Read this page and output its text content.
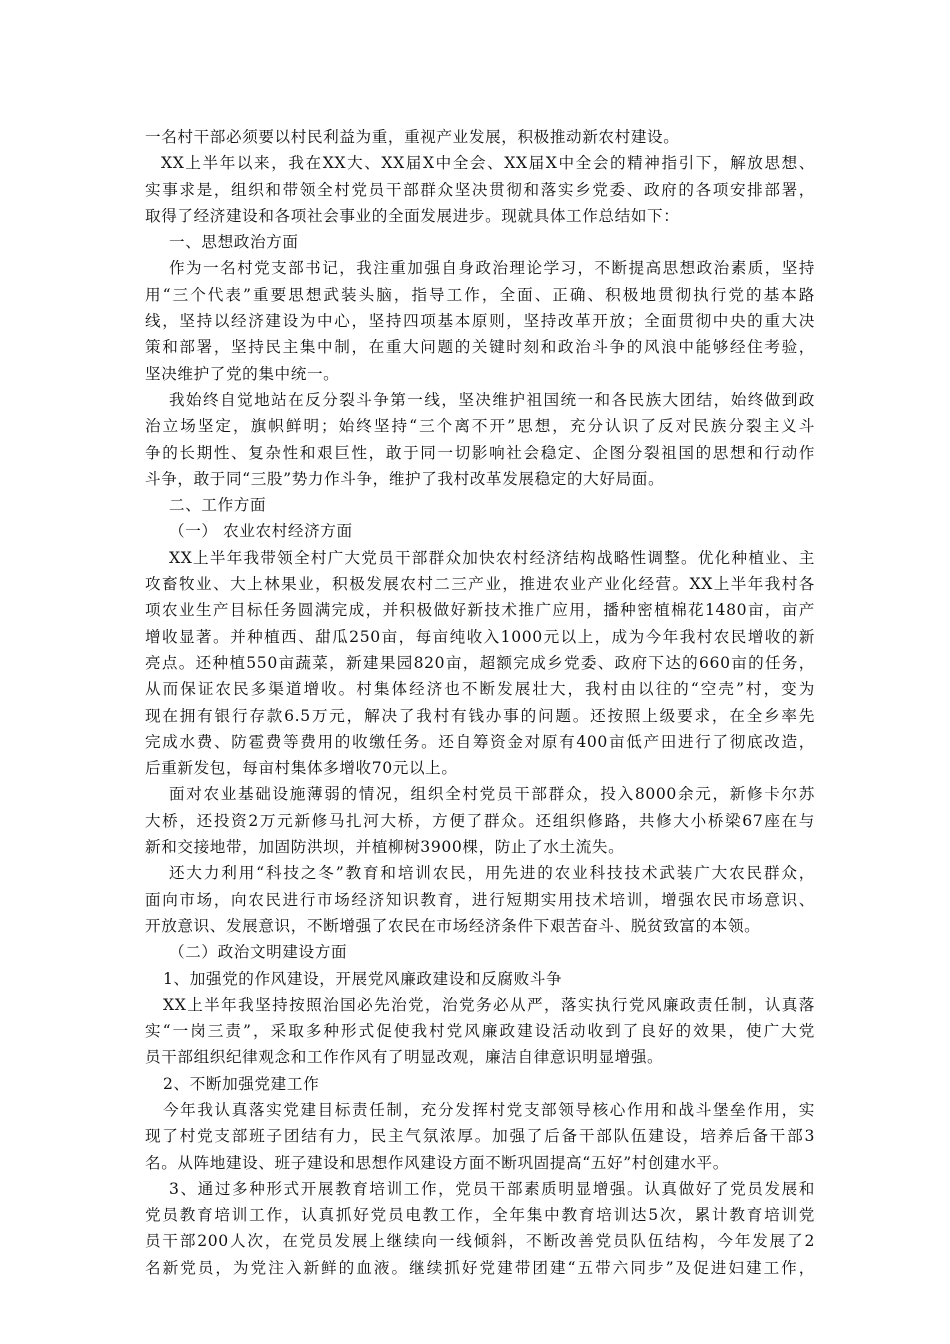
一名村干部必须要以村民利益为重，重视产业发展，积极推动新农村建设。
XX上半年以来，我在XX大、XX届X中全会、XX届X中全会的精神指引下，解放思想、
实事求是，组织和带领全村党员干部群众坚决贯彻和落实乡党委、政府的各项安排部署，
取得了经济建设和各项社会事业的全面发展进步。现就具体工作总结如下：
一、思想政治方面
作为一名村党支部书记，我注重加强自身政治理论学习，不断提高思想政治素质，坚持
用“三个代表”重要思想武装头脑，指导工作，全面、正确、积极地贯彻执行党的基本路
线，坚持以经济建设为中心，坚持四项基本原则，坚持改革开放；全面贯彻中央的重大决
策和部署，坚持民主集中制，在重大问题的关键时刻和政治斗争的风浪中能够经住考验，
坚决维护了党的集中统一。
我始终自觉地站在反分裂斗争第一线，坚决维护祖国统一和各民族大团结，始终做到政
治立场坚定，旗帜鲜明；始终坚持“三个离不开”思想，充分认识了反对民族分裂主义斗
争的长期性、复杂性和艰巨性，敢于同一切影响社会稳定、企图分裂祖国的思想和行动作
斗争，敢于同“三股”势力作斗争，维护了我村改革发展稳定的大好局面。
二、工作方面
（一） 农业农村经济方面
XX上半年我带领全村广大党员干部群众加快农村经济结构战略性调整。优化种植业、主
攻畜牧业、大上林果业，积极发展农村二三产业，推进农业产业化经营。XX上半年我村各
项农业生产目标任务圆满完成，并积极做好新技术推广应用，播种密植棉花1480亩，亩产
增收显著。并种植西、甜瓜250亩，每亩纯收入1000元以上，成为今年我村农民增收的新
亮点。还种植550亩蔬菜，新建果园820亩，超额完成乡党委、政府下达的660亩的任务，
从而保证农民多渠道增收。村集体经济也不断发展壮大，我村由以往的“空壳”村，变为
现在拥有银行存款6.5万元，解决了我村有钱办事的问题。还按照上级要求，在全乡率先
完成水费、防雹费等费用的收缴任务。还自筹资金对原有400亩低产田进行了彻底改造，
后重新发包，每亩村集体多增收70元以上。
面对农业基础设施薄弱的情况，组织全村党员干部群众，投入8000余元，新修卡尔苏
大桥，还投资2万元新修马扎河大桥，方便了群众。还组织修路，共修大小桥梁67座在与
新和交接地带，加固防洪坝，并植柳树3900棵，防止了水土流失。
还大力利用“科技之冬”教育和培训农民，用先进的农业科技技术武装广大农民群众，
面向市场，向农民进行市场经济知识教育，进行短期实用技术培训，增强农民市场意识、
开放意识、发展意识，不断增强了农民在市场经济条件下艰苦奋斗、脱贫致富的本领。
（二）政治文明建设方面
1、加强党的作风建设，开展党风廉政建设和反腐败斗争
XX上半年我坚持按照治国必先治党，治党务必从严，落实执行党风廉政责任制，认真落
实“一岗三责”，采取多种形式促使我村党风廉政建设活动收到了良好的效果，使广大党
员干部组织纪律观念和工作作风有了明显改观，廉洁自律意识明显增强。
2、不断加强党建工作
今年我认真落实党建目标责任制，充分发挥村党支部领导核心作用和战斗堡垒作用，实
现了村党支部班子团结有力，民主气氛浓厚。加强了后备干部队伍建设，培养后备干部3
名。从阵地建设、班子建设和思想作风建设方面不断巩固提高“五好”村创建水平。
3、通过多种形式开展教育培训工作，党员干部素质明显增强。认真做好了党员发展和
党员教育培训工作，认真抓好党员电教工作，全年集中教育培训达5次，累计教育培训党
员干部200人次，在党员发展上继续向一线倾斜，不断改善党员队伍结构，今年发展了2
名新党员，为党注入新鲜的血液。继续抓好党建带团建“五带六同步”及促进妇建工作，
